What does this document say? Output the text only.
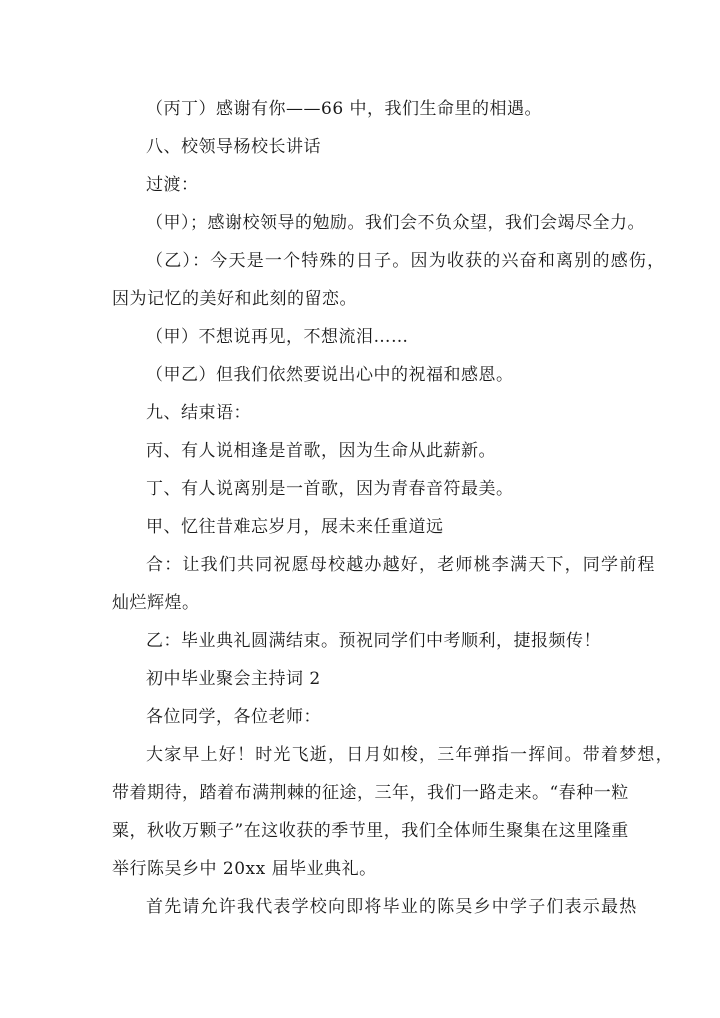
（丙丁）感谢有你——66 中，我们生命里的相遇。
八、校领导杨校长讲话
过渡：
（甲）；感谢校领导的勉励。我们会不负众望，我们会竭尽全力。
（乙）：今天是一个特殊的日子。因为收获的兴奋和离别的感伤，
因为记忆的美好和此刻的留恋。
（甲）不想说再见，不想流泪……
（甲乙）但我们依然要说出心中的祝福和感恩。
九、结束语：
丙、有人说相逢是首歌，因为生命从此薪新。
丁、有人说离别是一首歌，因为青春音符最美。
甲、忆往昔难忘岁月，展未来任重道远
合：让我们共同祝愿母校越办越好，老师桃李满天下，同学前程
灿烂辉煌。
乙：毕业典礼圆满结束。预祝同学们中考顺利，捷报频传！
初中毕业聚会主持词 2
各位同学，各位老师：
大家早上好！时光飞逝，日月如梭，三年弹指一挥间。带着梦想，
带着期待，踏着布满荆棘的征途，三年，我们一路走来。“春种一粒
粟，秋收万颗子”在这收获的季节里，我们全体师生聚集在这里隆重
举行陈吴乡中 20xx 届毕业典礼。
首先请允许我代表学校向即将毕业的陈吴乡中学子们表示最热
